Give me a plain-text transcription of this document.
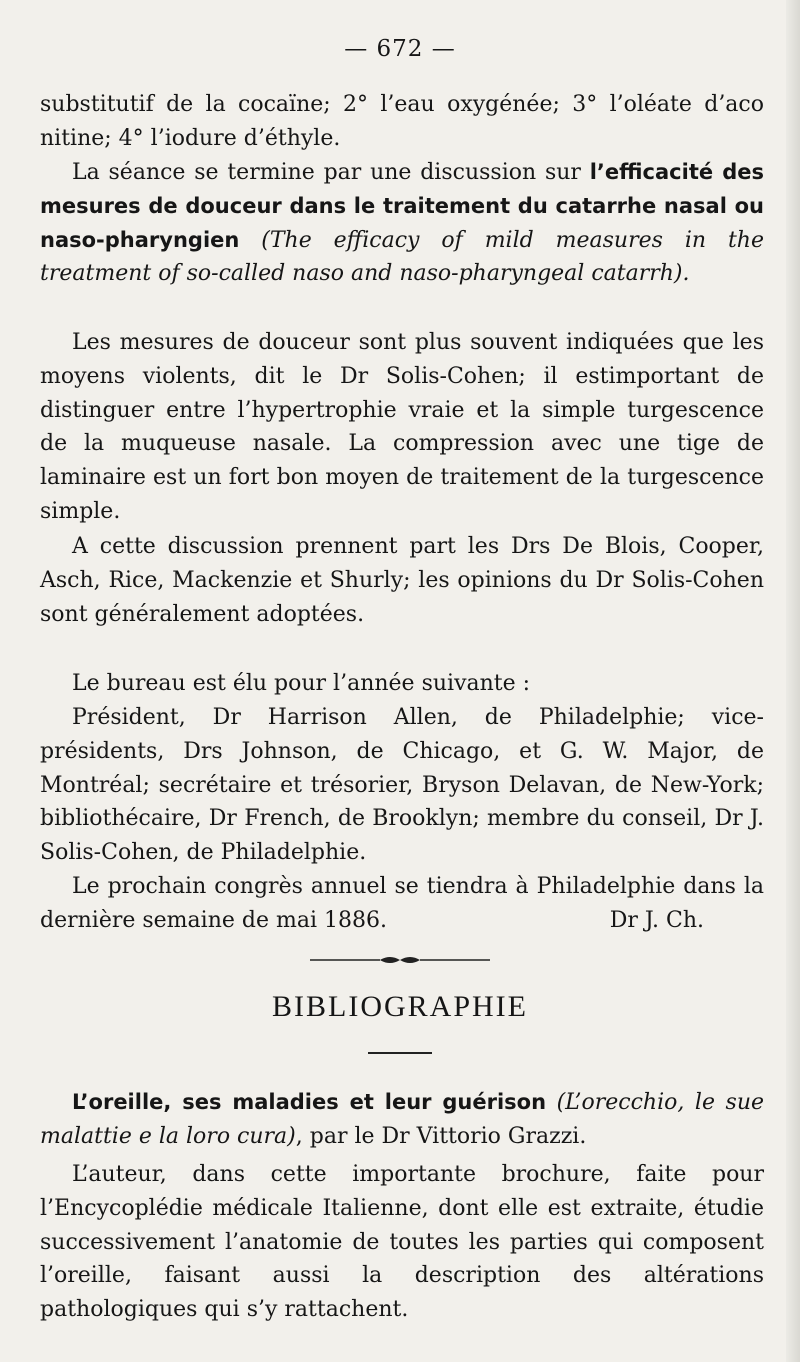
— 672 —
substitutif de la cocaïne; 2° l’eau oxygénée; 3° l’oléate d’aco
nitine; 4° l’iodure d’éthyle.

La séance se termine par une discussion sur l’efficacité des mesures de douceur dans le traitement du catarrhe nasal ou naso-pharyngien (The efficacy of mild measures in the treatment of so-called naso and naso-pharyngeal catarrh).

Les mesures de douceur sont plus souvent indiquées que les moyens violents, dit le Dr Solis-Cohen; il estimportant de distinguer entre l’hypertrophie vraie et la simple turgescence de la muqueuse nasale. La compression avec une tige de laminaire est un fort bon moyen de traitement de la turgescence simple.

A cette discussion prennent part les Drs De Blois, Cooper, Asch, Rice, Mackenzie et Shurly; les opinions du Dr Solis-Cohen sont généralement adoptées.

Le bureau est élu pour l’année suivante :

Président, Dr Harrison Allen, de Philadelphie; vice-présidents, Drs Johnson, de Chicago, et G. W. Major, de Montréal; secrétaire et trésorier, Bryson Delavan, de New-York; bibliothécaire, Dr French, de Brooklyn; membre du conseil, Dr J. Solis-Cohen, de Philadelphie.

Le prochain congrès annuel se tiendra à Philadelphie dans la dernière semaine de mai 1886.	Dr J. Ch.

BIBLIOGRAPHIE

L’oreille, ses maladies et leur guérison (L’orecchio, le sue malattie e la loro cura), par le Dr Vittorio Grazzi.

L’auteur, dans cette importante brochure, faite pour l’Encycoplédie médicale Italienne, dont elle est extraite, étudie successivement l’anatomie de toutes les parties qui composent l’oreille, faisant aussi la description des altérations pathologiques qui s’y rattachent.
